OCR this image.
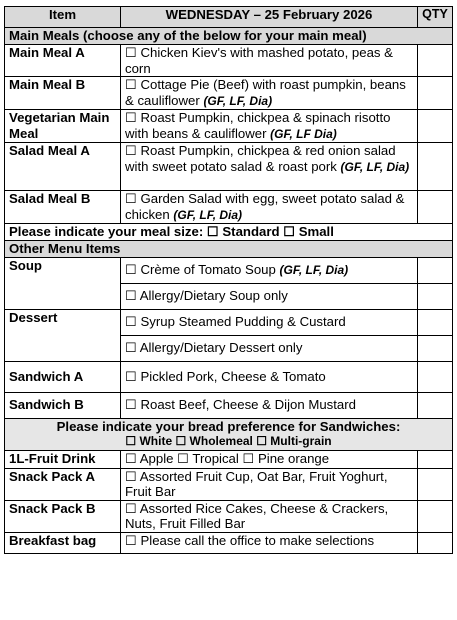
Item	WEDNESDAY – 25 February 2026	QTY
Main Meals (choose any of the below for your main meal)		
Main Meal A	☐ Chicken Kiev's with mashed potato, peas & corn	
Main Meal B	☐ Cottage Pie (Beef) with roast pumpkin, beans & cauliflower (GF, LF, Dia)	
Vegetarian Main Meal	☐ Roast Pumpkin, chickpea & spinach risotto with beans & cauliflower (GF, LF Dia)	
Salad Meal A	☐ Roast Pumpkin, chickpea & red onion salad with sweet potato salad & roast pork (GF, LF, Dia)	
Salad Meal B	☐ Garden Salad with egg, sweet potato salad & chicken (GF, LF, Dia)	
Please indicate your meal size: ☐ Standard ☐ Small		
Other Menu Items		
Soup	☐ Crème of Tomato Soup (GF, LF, Dia)	
	☐ Allergy/Dietary Soup only	
Dessert	☐ Syrup Steamed Pudding & Custard	
	☐ Allergy/Dietary Dessert only	
Sandwich A	☐ Pickled Pork, Cheese & Tomato	
Sandwich B	☐ Roast Beef, Cheese & Dijon Mustard	

Please indicate your bread preference for Sandwiches:
☐ White ☐ Wholemeal ☐ Multi-grain		

1L-Fruit Drink	☐ Apple ☐ Tropical ☐ Pine orange	
Snack Pack A	☐ Assorted Fruit Cup, Oat Bar, Fruit Yoghurt, Fruit Bar	
Snack Pack B	☐ Assorted Rice Cakes, Cheese & Crackers, Nuts, Fruit Filled Bar	
Breakfast bag	☐ Please call the office to make selections	
